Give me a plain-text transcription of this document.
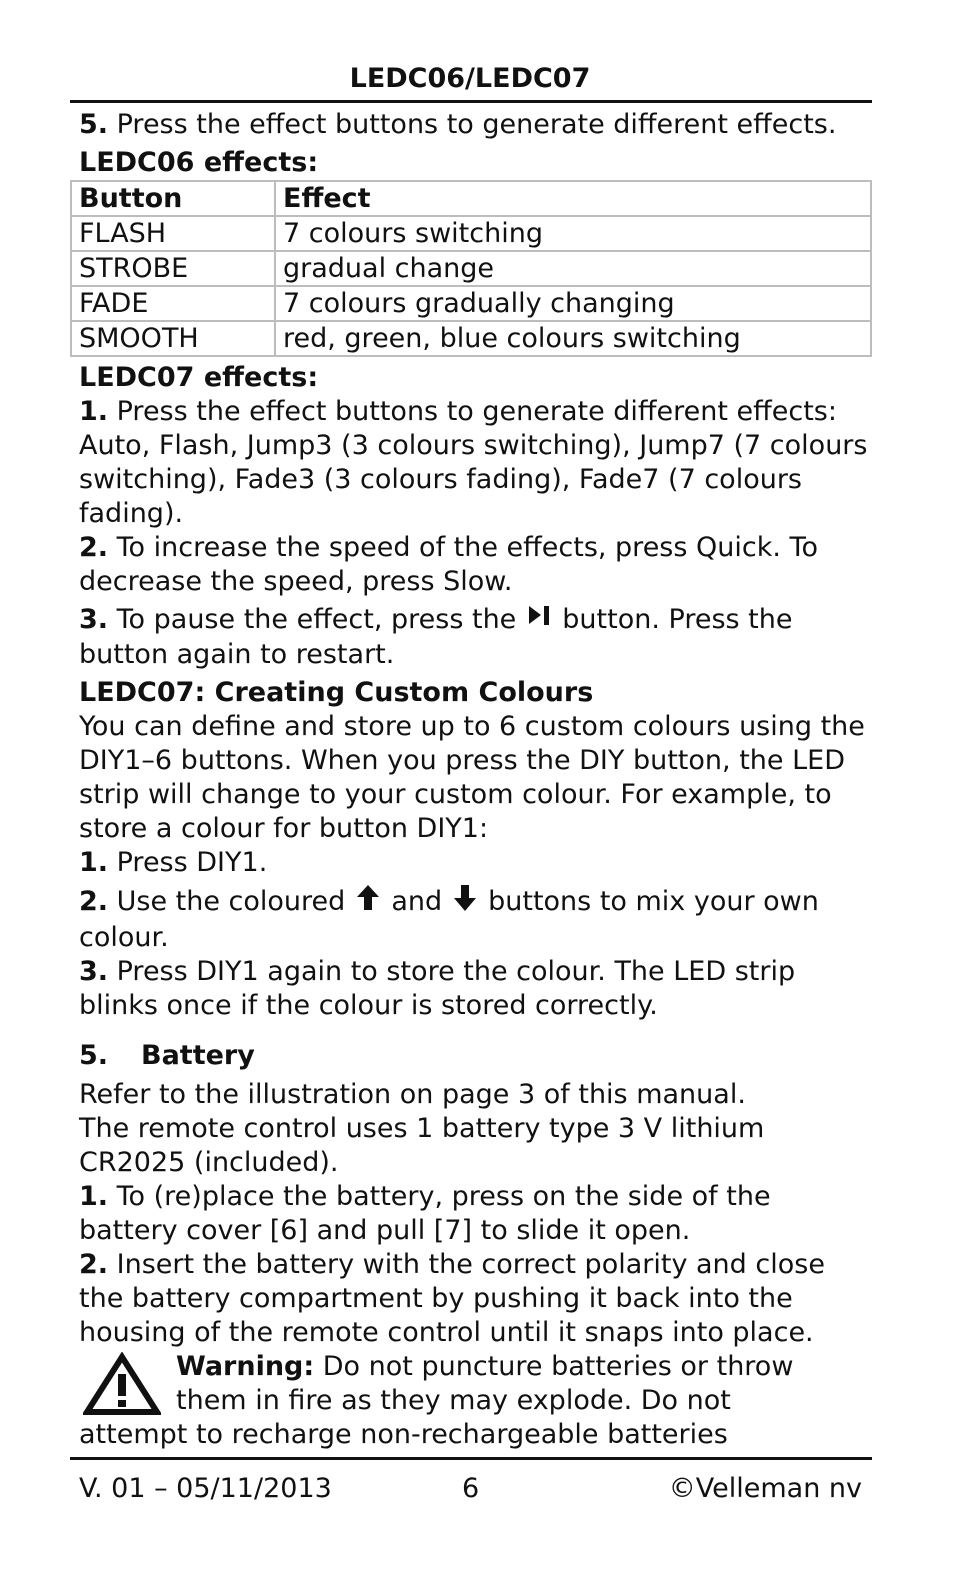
LEDC06/LEDC07

5. Press the effect buttons to generate different effects.

LEDC06 effects:

Button	Effect
FLASH	7 colours switching
STROBE	gradual change
FADE	7 colours gradually changing
SMOOTH	red, green, blue colours switching

LEDC07 effects:

1. Press the effect buttons to generate different effects: Auto, Flash, Jump3 (3 colours switching), Jump7 (7 colours switching), Fade3 (3 colours fading), Fade7 (7 colours fading).

2. To increase the speed of the effects, press Quick. To decrease the speed, press Slow.

3. To pause the effect, press the button. Press the button again to restart.

LEDC07: Creating Custom Colours

You can define and store up to 6 custom colours using the DIY1–6 buttons. When you press the DIY button, the LED strip will change to your custom colour. For example, to store a colour for button DIY1:

1. Press DIY1.

2. Use the coloured and buttons to mix your own colour.

3. Press DIY1 again to store the colour. The LED strip blinks once if the colour is stored correctly.

5. Battery

Refer to the illustration on page 3 of this manual.

The remote control uses 1 battery type 3 V lithium CR2025 (included).

1. To (re)place the battery, press on the side of the battery cover [6] and pull [7] to slide it open.

2. Insert the battery with the correct polarity and close the battery compartment by pushing it back into the housing of the remote control until it snaps into place.

Warning: Do not puncture batteries or throw

them in fire as they may explode. Do not

attempt to recharge non-rechargeable batteries

V. 01 – 05/11/2013	6	©Velleman nv
